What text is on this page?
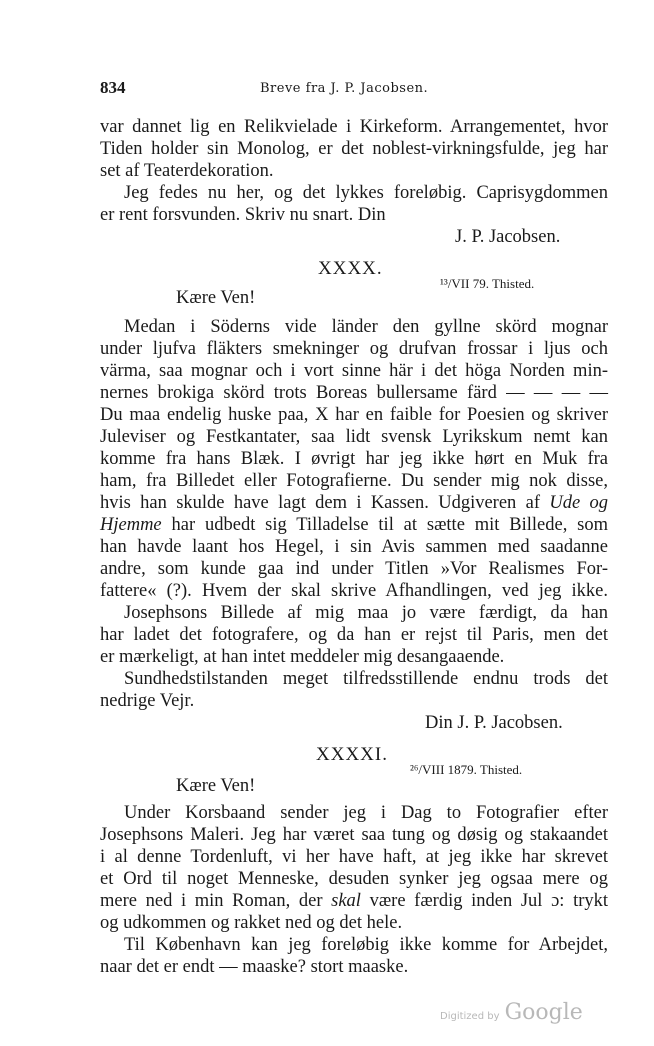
834	Breve fra J. P. Jacobsen.
var dannet lig en Relikvielade i Kirkeform. Arrangementet, hvor
Tiden holder sin Monolog, er det noblest-virkningsfulde, jeg har
set af Teaterdekoration.
Jeg fedes nu her, og det lykkes foreløbig. Caprisygdommen
er rent forsvunden. Skriv nu snart. Din
J. P. Jacobsen.
XXXX.
¹³/VII 79. Thisted.
Kære Ven!
Medan i Söderns vide länder den gyllne skörd mognar
under ljufva fläkters smekninger og drufvan frossar i ljus och
värma, saa mognar och i vort sinne här i det höga Norden min-
nernes brokiga skörd trots Boreas bullersame färd — — — —
Du maa endelig huske paa, X har en faible for Poesien og skriver
Juleviser og Festkantater, saa lidt svensk Lyrikskum nemt kan
komme fra hans Blæk. I øvrigt har jeg ikke hørt en Muk fra
ham, fra Billedet eller Fotografierne. Du sender mig nok disse,
hvis han skulde have lagt dem i Kassen. Udgiveren af Ude og
Hjemme har udbedt sig Tilladelse til at sætte mit Billede, som
han havde laant hos Hegel, i sin Avis sammen med saadanne
andre, som kunde gaa ind under Titlen »Vor Realismes For-
fattere« (?). Hvem der skal skrive Afhandlingen, ved jeg ikke.
Josephsons Billede af mig maa jo være færdigt, da han
har ladet det fotografere, og da han er rejst til Paris, men det
er mærkeligt, at han intet meddeler mig desangaaende.
Sundhedstilstanden meget tilfredsstillende endnu trods det
nedrige Vejr.
Din J. P. Jacobsen.
XXXXI.
²⁶/VIII 1879. Thisted.
Kære Ven!
Under Korsbaand sender jeg i Dag to Fotografier efter
Josephsons Maleri. Jeg har været saa tung og døsig og stakaandet
i al denne Tordenluft, vi her have haft, at jeg ikke har skrevet
et Ord til noget Menneske, desuden synker jeg ogsaa mere og
mere ned i min Roman, der skal være færdig inden Jul ɔ: trykt
og udkommen og rakket ned og det hele.
Til København kan jeg foreløbig ikke komme for Arbejdet,
naar det er endt — maaske? stort maaske.
Digitized by Google
